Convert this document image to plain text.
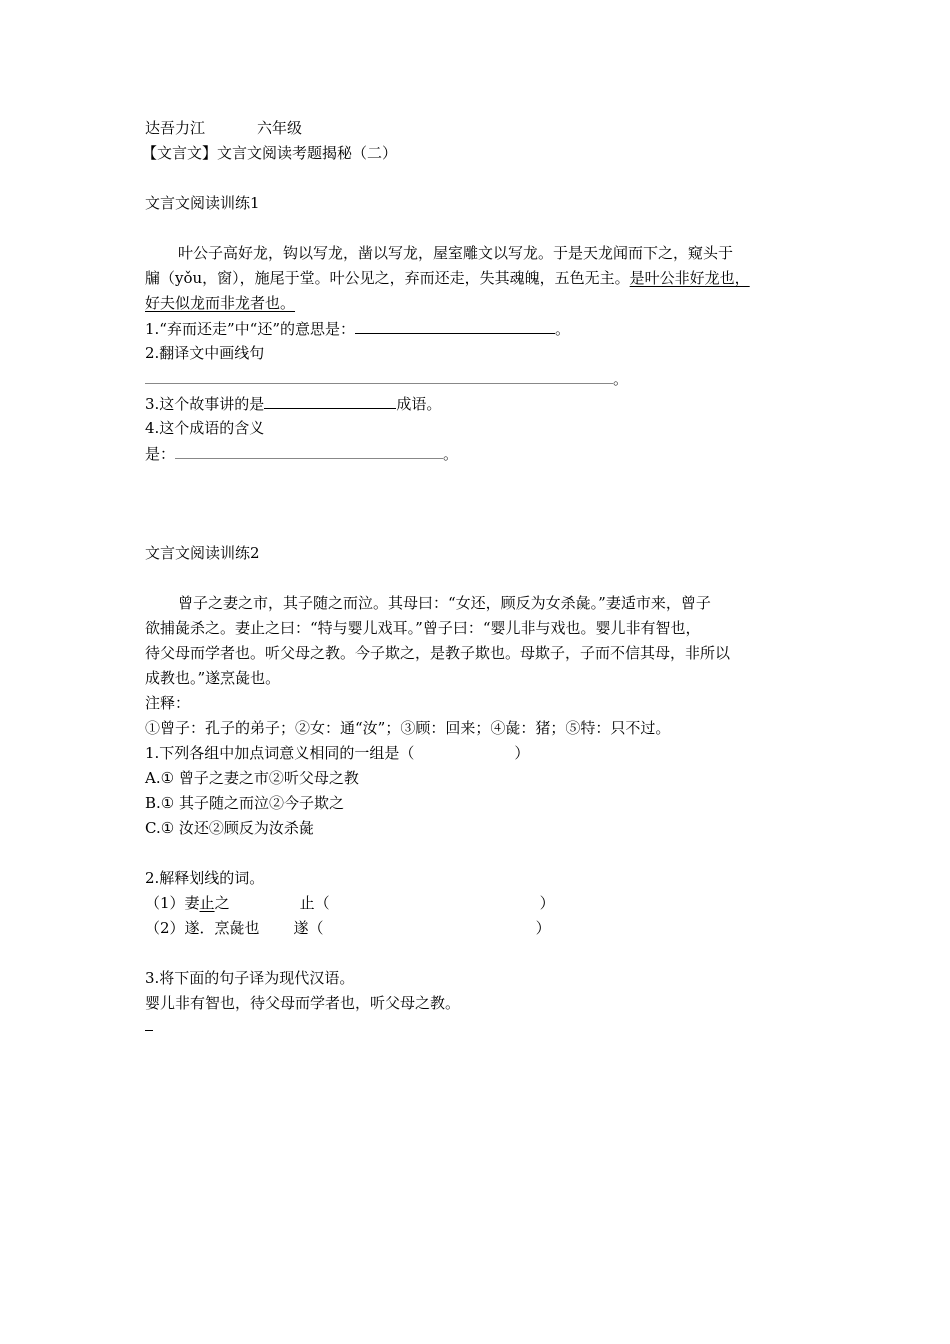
达吾力江	六年级
【文言文】文言文阅读考题揭秘（二）
文言文阅读训练1
叶公子高好龙，钩以写龙，凿以写龙，屋室雕文以写龙。于是天龙闻而下之，窥头于
牖（yǒu，窗），施尾于堂。叶公见之，弃而还走，失其魂魄，五色无主。是叶公非好龙也，
好夫似龙而非龙者也。
1.“弃而还走”中“还”的意思是：	。
2.翻译文中画线句
。
3.这个故事讲的是	成语。
4.这个成语的含义
是：	。
文言文阅读训练2
曾子之妻之市，其子随之而泣。其母曰：“女还，顾反为女杀彘。”妻适市来，曾子
欲捕彘杀之。妻止之曰：“特与婴儿戏耳。”曾子曰：“婴儿非与戏也。婴儿非有智也，
待父母而学者也。听父母之教。今子欺之，是教子欺也。母欺子，子而不信其母，非所以
成教也。”遂烹彘也。
注释：
①曾子：孔子的弟子；②女：通“汝”；③顾：回来；④彘：猪；⑤特：只不过。
1.下列各组中加点词意义相同的一组是（	）
A.① 曾子之妻之市②听父母之教
B.① 其子随之而泣②今子欺之
C.① 汝还②顾反为汝杀彘
2.解释划线的词。
（1）妻止之	止（	）
（2）遂．烹彘也 遂（	）
3.将下面的句子译为现代汉语。
婴儿非有智也，待父母而学者也，听父母之教。
